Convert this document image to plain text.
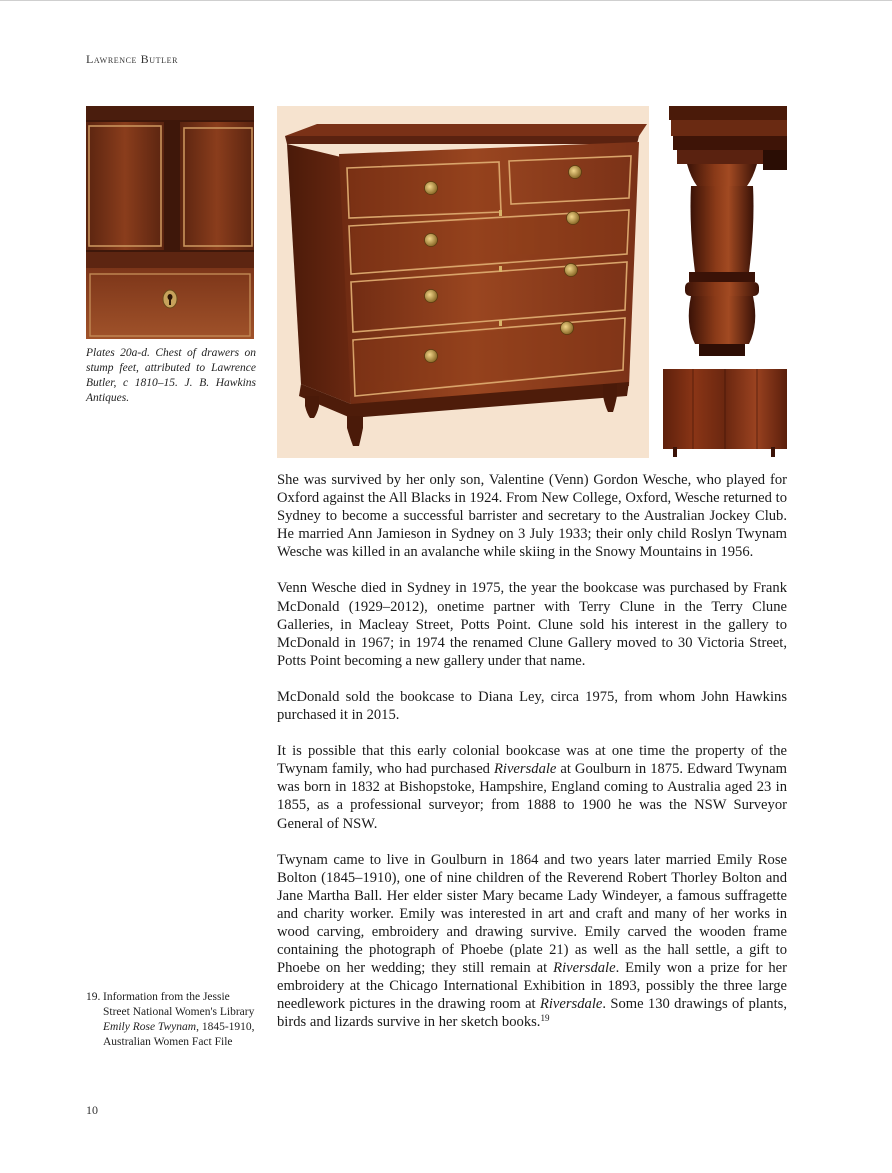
Lawrence Butler
Plates 20a-d. Chest of drawers on stump feet, attributed to Lawrence Butler, c 1810–15. J. B. Hawkins Antiques.

She was survived by her only son, Valentine (Venn) Gordon Wesche, who played for Oxford against the All Blacks in 1924. From New College, Oxford, Wesche returned to Sydney to become a successful barrister and secretary to the Australian Jockey Club. He married Ann Jamieson in Sydney on 3 July 1933; their only child Roslyn Twynam Wesche was killed in an avalanche while skiing in the Snowy Mountains in 1956.

Venn Wesche died in Sydney in 1975, the year the bookcase was purchased by Frank McDonald (1929–2012), onetime partner with Terry Clune in the Terry Clune Galleries, in Macleay Street, Potts Point. Clune sold his interest in the gallery to McDonald in 1967; in 1974 the renamed Clune Gallery moved to 30 Victoria Street, Potts Point becoming a new gallery under that name.

McDonald sold the bookcase to Diana Ley, circa 1975, from whom John Hawkins purchased it in 2015.

It is possible that this early colonial bookcase was at one time the property of the Twynam family, who had purchased Riversdale at Goulburn in 1875. Edward Twynam was born in 1832 at Bishopstoke, Hampshire, England coming to Australia aged 23 in 1855, as a professional surveyor; from 1888 to 1900 he was the NSW Surveyor General of NSW.

Twynam came to live in Goulburn in 1864 and two years later married Emily Rose Bolton (1845–1910), one of nine children of the Reverend Robert Thorley Bolton and Jane Martha Ball. Her elder sister Mary became Lady Windeyer, a famous suffragette and charity worker. Emily was interested in art and craft and many of her works in wood carving, embroidery and drawing survive. Emily carved the wooden frame containing the photograph of Phoebe (plate 21) as well as the hall settle, a gift to Phoebe on her wedding; they still remain at Riversdale. Emily won a prize for her embroidery at the Chicago International Exhibition in 1893, possibly the three large needlework pictures in the drawing room at Riversdale. Some 130 drawings of plants, birds and lizards survive in her sketch books.$^{19}$

19. Information from the Jessie Street National Women's Library Emily Rose Twynam, 1845-1910, Australian Women Fact File
10
